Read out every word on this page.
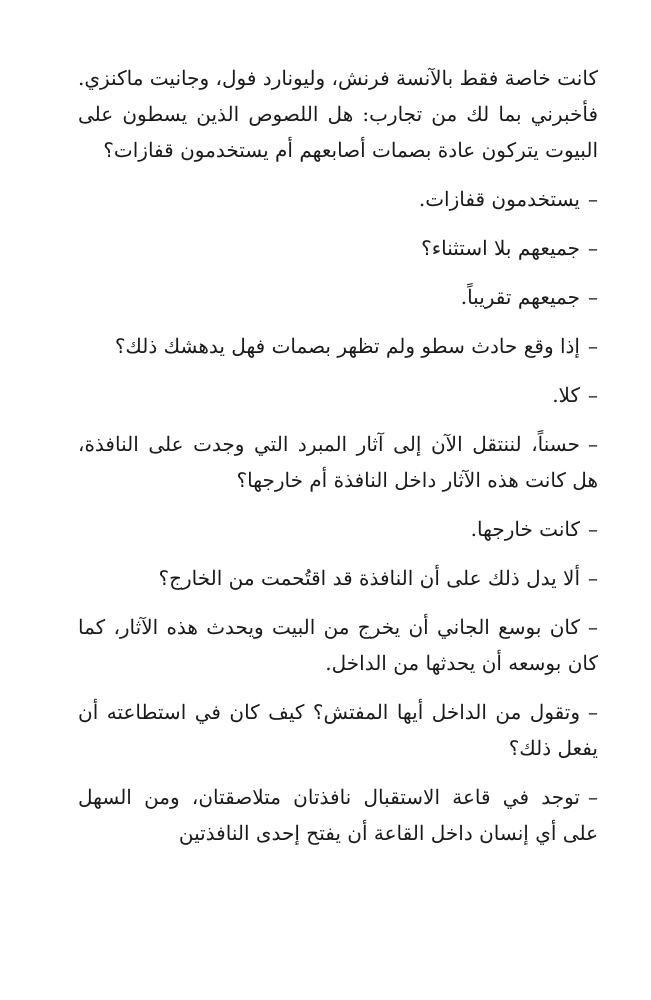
كانت خاصة فقط بالآنسة فرنش، وليونارد فول، وجانيت ماكنزي. فأخبرني بما لك من تجارب: هل اللصوص الذين يسطون على البيوت يتركون عادة بصمات أصابعهم أم يستخدمون قفازات؟

–يستخدمون قفازات.

–جميعهم بلا استثناء؟

–جميعهم تقريباً.

–إذا وقع حادث سطو ولم تظهر بصمات فهل يدهشك ذلك؟

–كلا.

–حسناً، لننتقل الآن إلى آثار المبرد التي وجدت على النافذة، هل كانت هذه الآثار داخل النافذة أم خارجها؟

–كانت خارجها.

–ألا يدل ذلك على أن النافذة قد اقتُحمت من الخارج؟

–كان بوسع الجاني أن يخرج من البيت ويحدث هذه الآثار، كما كان بوسعه أن يحدثها من الداخل.

–وتقول من الداخل أيها المفتش؟ كيف كان في استطاعته أن يفعل ذلك؟

–توجد في قاعة الاستقبال نافذتان متلاصقتان، ومن السهل على أي إنسان داخل القاعة أن يفتح إحدى النافذتين
